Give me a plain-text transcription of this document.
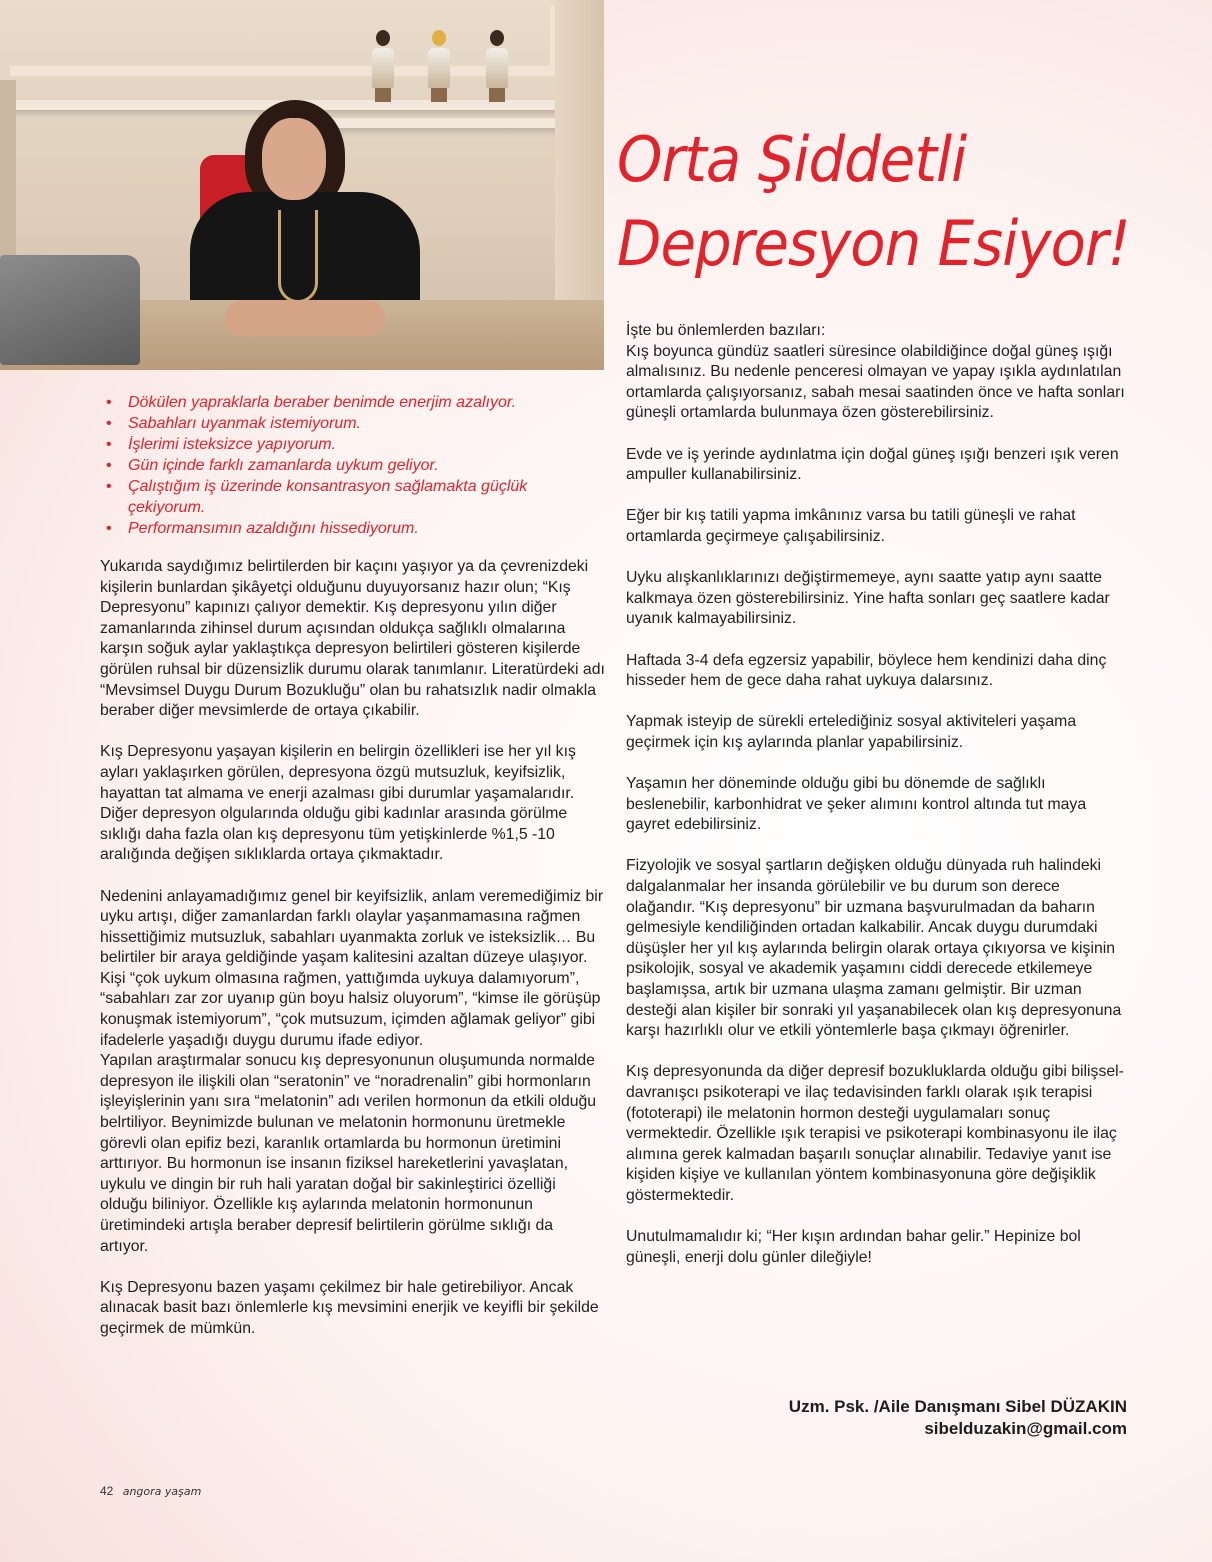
Orta Şiddetli
Depresyon Esiyor!
• Dökülen yapraklarla beraber benimde enerjim azalıyor.
• Sabahları uyanmak istemiyorum.
• İşlerimi isteksizce yapıyorum.
• Gün içinde farklı zamanlarda uykum geliyor.
• Çalıştığım iş üzerinde konsantrasyon sağlamakta güçlük çekiyorum.
• Performansımın azaldığını hissediyorum.

Yukarıda saydığımız belirtilerden bir kaçını yaşıyor ya da çevrenizdeki kişilerin bunlardan şikâyetçi olduğunu duyuyorsanız hazır olun; “Kış Depresyonu” kapınızı çalıyor demektir. Kış depresyonu yılın diğer zamanlarında zihinsel durum açısından oldukça sağlıklı olmalarına karşın soğuk aylar yaklaştıkça depresyon belirtileri gösteren kişilerde görülen ruhsal bir düzensizlik durumu olarak tanımlanır. Literatürdeki adı “Mevsimsel Duygu Durum Bozukluğu” olan bu rahatsızlık nadir olmakla beraber diğer mevsimlerde de ortaya çıkabilir.

Kış Depresyonu yaşayan kişilerin en belirgin özellikleri ise her yıl kış ayları yaklaşırken görülen, depresyona özgü mutsuzluk, keyifsizlik, hayattan tat almama ve enerji azalması gibi durumlar yaşamalarıdır. Diğer depresyon olgularında olduğu gibi kadınlar arasında görülme sıklığı daha fazla olan kış depresyonu tüm yetişkinlerde %1,5 -10 aralığında değişen sıklıklarda ortaya çıkmaktadır.

Nedenini anlayamadığımız genel bir keyifsizlik, anlam veremediğimiz bir uyku artışı, diğer zamanlardan farklı olaylar yaşanmamasına rağmen hissettiğimiz mutsuzluk, sabahları uyanmakta zorluk ve isteksizlik… Bu belirtiler bir araya geldiğinde yaşam kalitesini azaltan düzeye ulaşıyor. Kişi “çok uykum olmasına rağmen, yattığımda uykuya dalamıyorum”, “sabahları zar zor uyanıp gün boyu halsiz oluyorum”, “kimse ile görüşüp konuşmak istemiyorum”, “çok mutsuzum, içimden ağlamak geliyor” gibi ifadelerle yaşadığı duygu durumu ifade ediyor.

Yapılan araştırmalar sonucu kış depresyonunun oluşumunda normalde depresyon ile ilişkili olan “seratonin” ve “noradrenalin” gibi hormonların işleyişlerinin yanı sıra “melatonin” adı verilen hormonun da etkili olduğu belrtiliyor. Beynimizde bulunan ve melatonin hormonunu üretmekle görevli olan epifiz bezi, karanlık ortamlarda bu hormonun üretimini arttırıyor. Bu hormonun ise insanın fiziksel hareketlerini yavaşlatan, uykulu ve dingin bir ruh hali yaratan doğal bir sakinleştirici özelliği olduğu biliniyor. Özellikle kış aylarında melatonin hormonunun üretimindeki artışla beraber depresif belirtilerin görülme sıklığı da artıyor.

Kış Depresyonu bazen yaşamı çekilmez bir hale getirebiliyor. Ancak alınacak basit bazı önlemlerle kış mevsimini enerjik ve keyifli bir şekilde geçirmek de mümkün.

İşte bu önlemlerden bazıları:

Kış boyunca gündüz saatleri süresince olabildiğince doğal güneş ışığı almalısınız. Bu nedenle penceresi olmayan ve yapay ışıkla aydınlatılan ortamlarda çalışıyorsanız, sabah mesai saatinden önce ve hafta sonları güneşli ortamlarda bulunmaya özen gösterebilirsiniz.

Evde ve iş yerinde aydınlatma için doğal güneş ışığı benzeri ışık veren ampuller kullanabilirsiniz.

Eğer bir kış tatili yapma imkânınız varsa bu tatili güneşli ve rahat ortamlarda geçirmeye çalışabilirsiniz.

Uyku alışkanlıklarınızı değiştirmemeye, aynı saatte yatıp aynı saatte kalkmaya özen gösterebilirsiniz. Yine hafta sonları geç saatlere kadar uyanık kalmayabilirsiniz.

Haftada 3-4 defa egzersiz yapabilir, böylece hem kendinizi daha dinç hisseder hem de gece daha rahat uykuya dalarsınız.

Yapmak isteyip de sürekli ertelediğiniz sosyal aktiviteleri yaşama geçirmek için kış aylarında planlar yapabilirsiniz.

Yaşamın her döneminde olduğu gibi bu dönemde de sağlıklı beslenebilir, karbonhidrat ve şeker alımını kontrol altında tut maya gayret edebilirsiniz.

Fizyolojik ve sosyal şartların değişken olduğu dünyada ruh halindeki dalgalanmalar her insanda görülebilir ve bu durum son derece olağandır. “Kış depresyonu” bir uzmana başvurulmadan da baharın gelmesiyle kendiliğinden ortadan kalkabilir. Ancak duygu durumdaki düşüşler her yıl kış aylarında belirgin olarak ortaya çıkıyorsa ve kişinin psikolojik, sosyal ve akademik yaşamını ciddi derecede etkilemeye başlamışsa, artık bir uzmana ulaşma zamanı gelmiştir. Bir uzman desteği alan kişiler bir sonraki yıl yaşanabilecek olan kış depresyonuna karşı hazırlıklı olur ve etkili yöntemlerle başa çıkmayı öğrenirler.

Kış depresyonunda da diğer depresif bozukluklarda olduğu gibi bilişsel- davranışcı psikoterapi ve ilaç tedavisinden farklı olarak ışık terapisi (fototerapi) ile melatonin hormon desteği uygulamaları sonuç vermektedir. Özellikle ışık terapisi ve psikoterapi kombinasyonu ile ilaç alımına gerek kalmadan başarılı sonuçlar alınabilir. Tedaviye yanıt ise kişiden kişiye ve kullanılan yöntem kombinasyonuna göre değişiklik göstermektedir.

Unutulmamalıdır ki; “Her kışın ardından bahar gelir.” Hepinize bol güneşli, enerji dolu günler dileğiyle!

Uzm. Psk. /Aile Danışmanı Sibel DÜZAKIN
sibelduzakin@gmail.com
42 angora yaşam
